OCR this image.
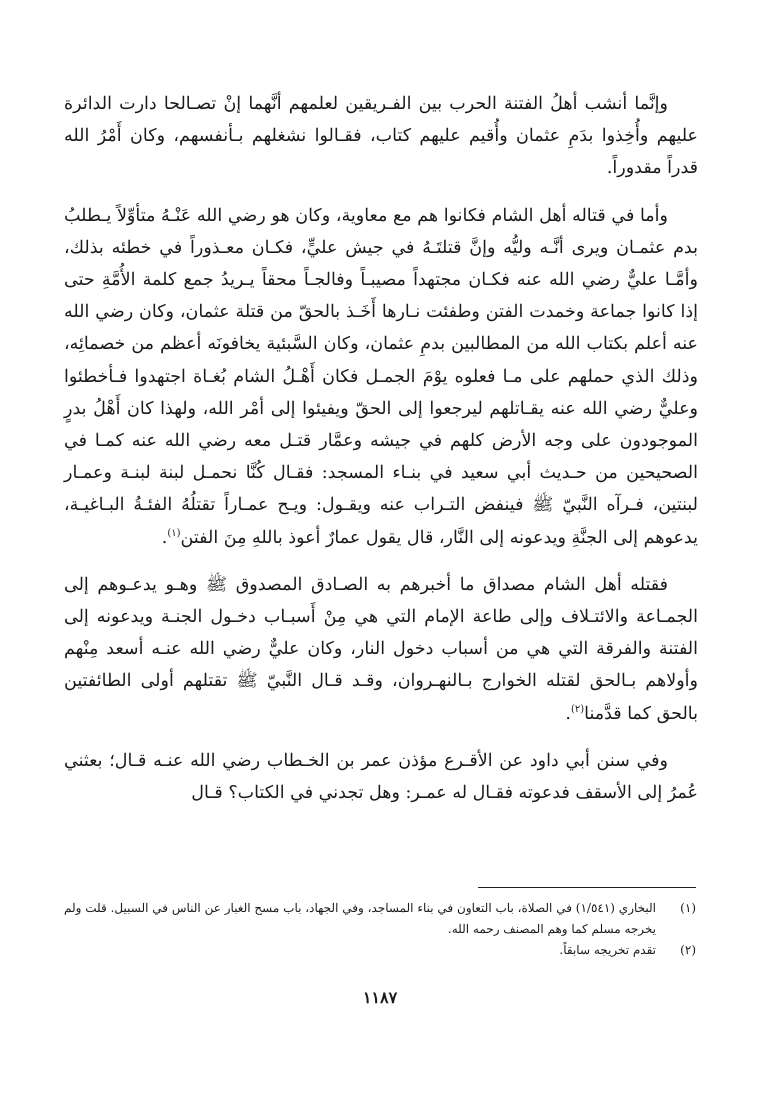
وإنَّما أنشب أهلُ الفتنة الحرب بين الفـريقين لعلمهم أنَّهما إنْ تصـالحا دارت الدائرة عليهم وأُخِذوا بدَمِ عثمان وأُقيم عليهم كتاب، فقـالوا نشغلهم بـأنفسهم، وكان أَمْرُ الله قدراً مقدوراً.

وأما في قتاله أهل الشام فكانوا هم مع معاوية، وكان هو رضي الله عَنْـهُ متأوِّلاً يـطلبُ بدم عثمـان ويرى أنَّـه وليُّه وإنَّ قتلتَـهُ في جيش عليٍّ، فكـان معـذوراً في خطئه بذلك، وأمَّـا عليٌّ رضي الله عنه فكـان مجتهداً مصيبـاً وفالجـاً محقاً يـريدُ جمع كلمة الأُمَّةِ حتى إذا كانوا جماعة وخمدت الفتن وطفئت نـارها أَخَـذ بالحقّ من قتلة عثمان، وكان رضي الله عنه أعلم بكتاب الله من المطالبين بدمِ عثمان، وكان السَّبئية يخافونَه أعظم من خصمائِه، وذلك الذي حملهم على مـا فعلوه يوْمَ الجمـل فكان أَهْـلُ الشام بُغـاة اجتهدوا فـأخطئوا وعليٌّ رضي الله عنه يقـاتلهم ليرجعوا إلى الحقّ ويفيئوا إلى أمْر الله، ولهذا كان أَهْلُ بدرٍ الموجودون على وجه الأرض كلهم في جيشه وعمَّار قتـل معه رضي الله عنه كمـا في الصحيحين من حـديث أبي سعيد في بنـاء المسجد: فقـال كُنَّا نحمـل لبنة لبنـة وعمـار لبنتين، فـرآه النَّبيّ ﷺ فينفض التـراب عنه ويقـول: ويـح عمـاراً تقتلُهُ الفئـةُ البـاغيـة، يدعوهم إلى الجنَّةِ ويدعونه إلى النَّار، قال يقول عمارٌ أعوذ باللهِ مِنَ الفتن$^{(١)}$.

فقتله أهل الشام مصداق ما أخبرهم به الصـادق المصدوق ﷺ وهـو يدعـوهم إلى الجمـاعة والائتـلاف وإلى طاعة الإمام التي هي مِنْ أَسبـاب دخـول الجنـة ويدعونه إلى الفتنة والفرقة التي هي من أسباب دخول النار، وكان عليٌّ رضي الله عنـه أسعد مِنْهم وأولاهم بـالحق لقتله الخوارج بـالنهـروان، وقـد قـال النَّبيّ ﷺ تقتلهم أولى الطائفتين بالحق كما قدَّمنا$^{(٢)}$.

وفي سنن أبي داود عن الأقـرع مؤذن عمر بن الخـطاب رضي الله عنـه قـال؛ بعثني عُمرُ إلى الأسقف فدعوته فقـال له عمـر: وهل تجدني في الكتاب؟ قـال

(١)
البخاري (١/٥٤١) في الصلاة، باب التعاون في بناء المساجد، وفي الجهاد، باب مسح الغبار عن الناس في السبيل. قلت ولم يخرجه مسلم كما وهم المصنف رحمه الله.
(٢)
تقدم تخريجه سابقاً.
١١٨٧
